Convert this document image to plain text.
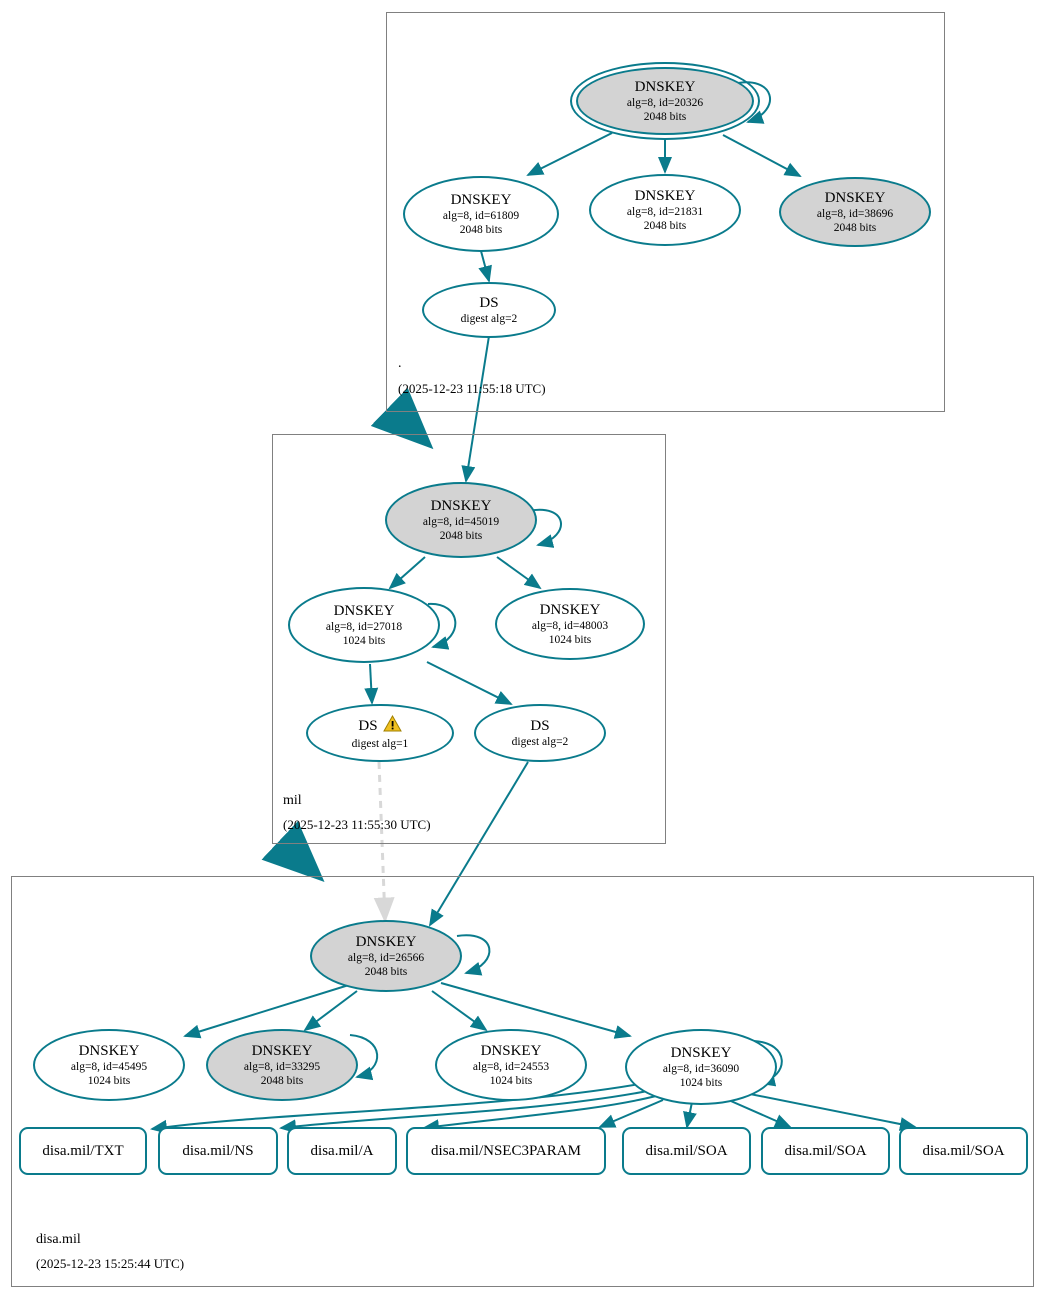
.
(2025-12-23 11:55:18 UTC)
DNSKEY
alg=8, id=20326
2048 bits
DNSKEY
alg=8, id=61809
2048 bits
DNSKEY
alg=8, id=21831
2048 bits
DNSKEY
alg=8, id=38696
2048 bits
DS
digest alg=2
mil
(2025-12-23 11:55:30 UTC)
DNSKEY
alg=8, id=45019
2048 bits
DNSKEY
alg=8, id=27018
1024 bits
DNSKEY
alg=8, id=48003
1024 bits
DS
digest alg=1
DS
digest alg=2
disa.mil
(2025-12-23 15:25:44 UTC)
DNSKEY
alg=8, id=26566
2048 bits
DNSKEY
alg=8, id=45495
1024 bits
DNSKEY
alg=8, id=33295
2048 bits
DNSKEY
alg=8, id=24553
1024 bits
DNSKEY
alg=8, id=36090
1024 bits
disa.mil/TXT	disa.mil/NS	disa.mil/A	disa.mil/NSEC3PARAM	disa.mil/SOA	disa.mil/SOA	disa.mil/SOA
